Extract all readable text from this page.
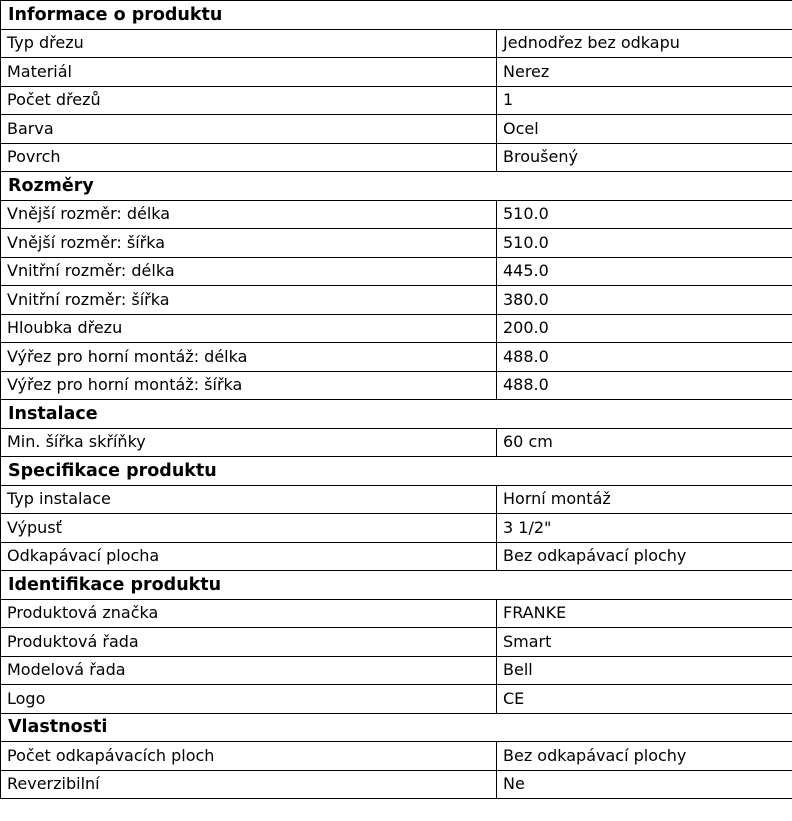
Informace o produktu	
Typ dřezu	Jednodřez bez odkapu
Materiál	Nerez
Počet dřezů	1
Barva	Ocel
Povrch	Broušený
Rozměry	
Vnější rozměr: délka	510.0
Vnější rozměr: šířka	510.0
Vnitřní rozměr: délka	445.0
Vnitřní rozměr: šířka	380.0
Hloubka dřezu	200.0
Výřez pro horní montáž: délka	488.0
Výřez pro horní montáž: šířka	488.0
Instalace	
Min. šířka skříňky	60 cm
Specifikace produktu	
Typ instalace	Horní montáž
Výpusť	3 1/2"
Odkapávací plocha	Bez odkapávací plochy
Identifikace produktu	
Produktová značka	FRANKE
Produktová řada	Smart
Modelová řada	Bell
Logo	CE
Vlastnosti	
Počet odkapávacích ploch	Bez odkapávací plochy
Reverzibilní	Ne
